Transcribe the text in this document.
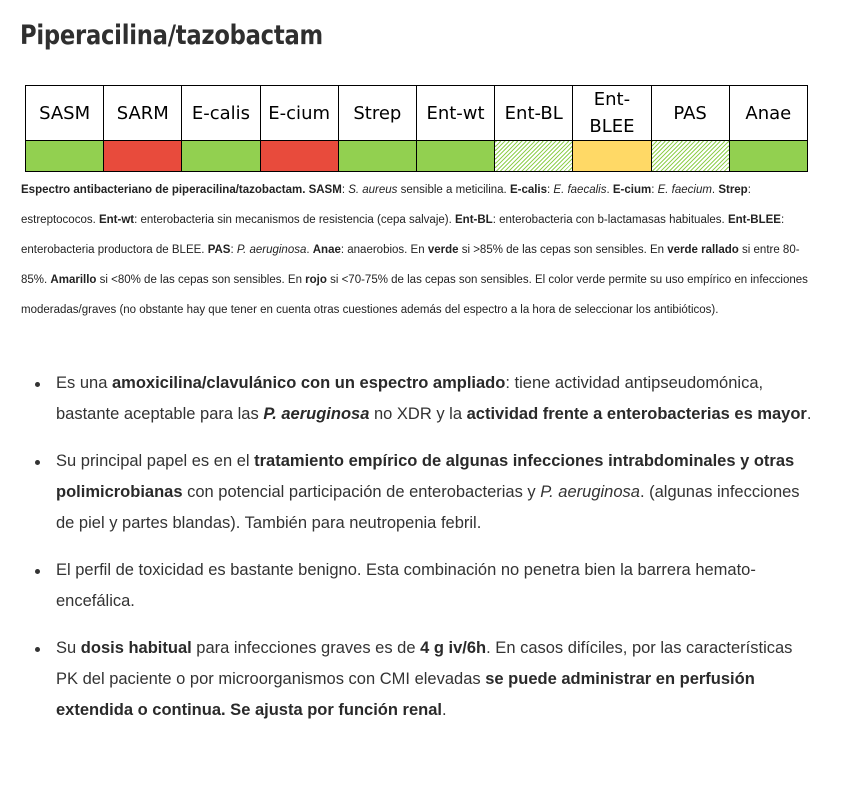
Piperacilina/tazobactam
SASM	SARM	E-calis	E-cium	Strep	Ent-wt	Ent-BL	Ent-BLEE	PAS	Anae

Espectro antibacteriano de piperacilina/tazobactam. SASM: S. aureus sensible a meticilina. E-calis: E. faecalis. E-cium: E. faecium. Strep: estreptococos. Ent-wt: enterobacteria sin mecanismos de resistencia (cepa salvaje). Ent-BL: enterobacteria con b-lactamasas habituales. Ent-BLEE: enterobacteria productora de BLEE. PAS: P. aeruginosa. Anae: anaerobios. En verde si >85% de las cepas son sensibles. En verde rallado si entre 80-85%. Amarillo si <80% de las cepas son sensibles. En rojo si <70-75% de las cepas son sensibles. El color verde permite su uso empírico en infecciones moderadas/graves (no obstante hay que tener en cuenta otras cuestiones además del espectro a la hora de seleccionar los antibióticos).

Es una amoxicilina/clavulánico con un espectro ampliado: tiene actividad antipseudomónica, bastante aceptable para las P. aeruginosa no XDR y la actividad frente a enterobacterias es mayor.
Su principal papel es en el tratamiento empírico de algunas infecciones intrabdominales y otras polimicrobianas con potencial participación de enterobacterias y P. aeruginosa. (algunas infecciones de piel y partes blandas). También para neutropenia febril.
El perfil de toxicidad es bastante benigno. Esta combinación no penetra bien la barrera hemato-encefálica.
Su dosis habitual para infecciones graves es de 4 g iv/6h. En casos difíciles, por las características PK del paciente o por microorganismos con CMI elevadas se puede administrar en perfusión extendida o continua. Se ajusta por función renal.
